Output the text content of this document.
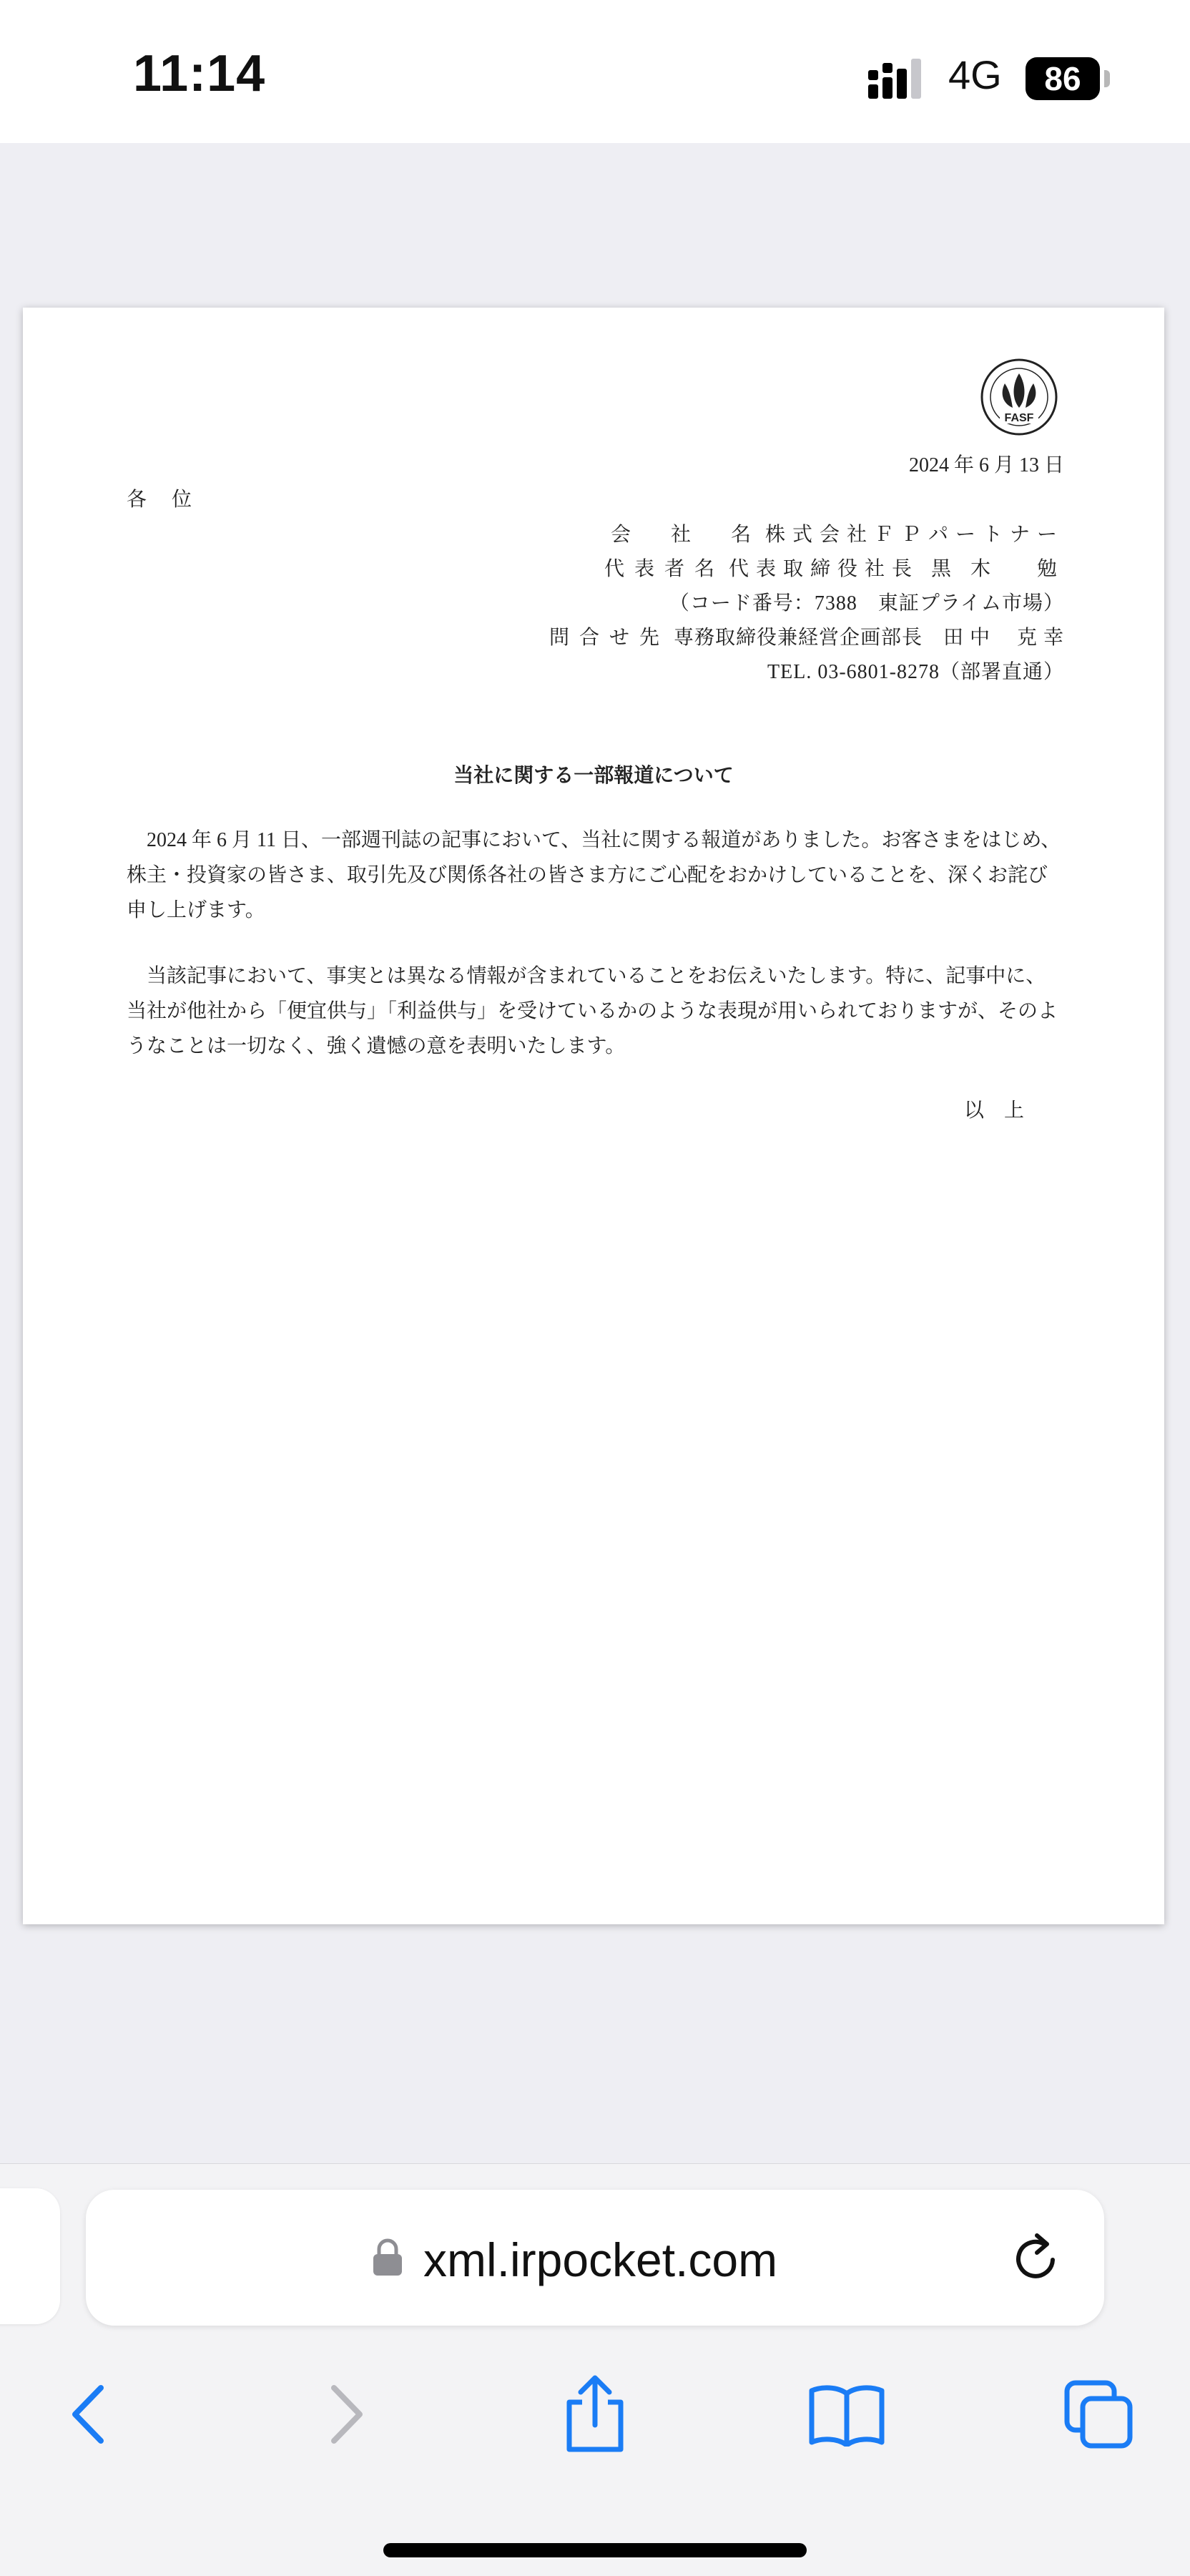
11:14	4G	86
FASF
2024 年 6 月 13 日
各 位
会　社　名 株式会社ＦＰパートナー
代表者名 代表取締役社長 黒 木 　勉
（コード番号：7388　東証プライム市場）
問合せ先 専務取締役兼経営企画部長　田 中 　克 幸
TEL. 03-6801-8278（部署直通）
当社に関する一部報道について
2024 年 6 月 11 日、一部週刊誌の記事において、当社に関する報道がありました。お客さまをはじめ、株主・投資家の皆さま、取引先及び関係各社の皆さま方にご心配をおかけしていることを、深くお詫び申し上げます。
当該記事において、事実とは異なる情報が含まれていることをお伝えいたします。特に、記事中に、当社が他社から「便宜供与」「利益供与」を受けているかのような表現が用いられておりますが、そのようなことは一切なく、強く遺憾の意を表明いたします。
以上
xml.irpocket.com
